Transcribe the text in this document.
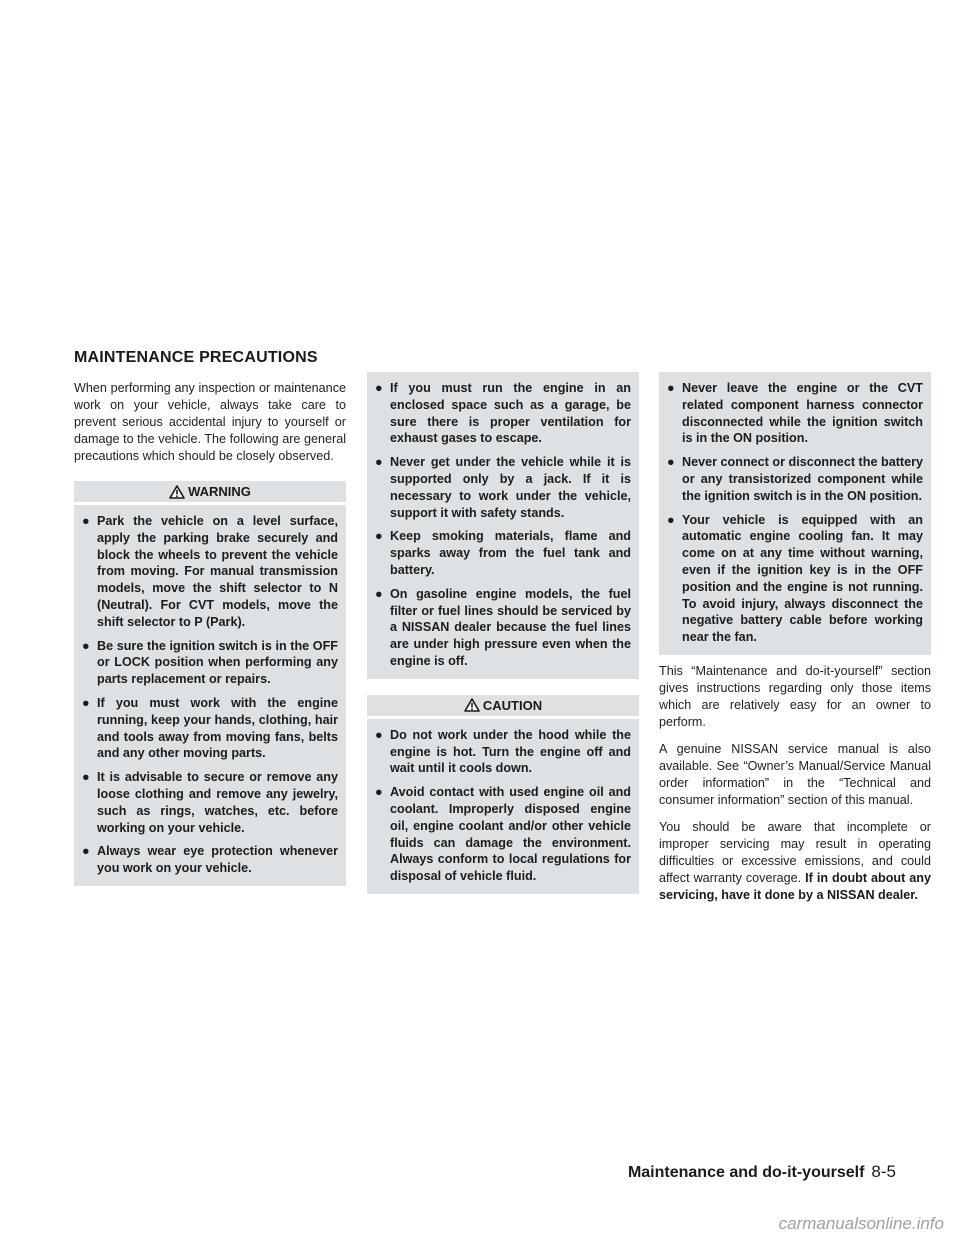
MAINTENANCE PRECAUTIONS

When performing any inspection or maintenance work on your vehicle, always take care to prevent serious accidental injury to yourself or damage to the vehicle. The following are general precautions which should be closely observed.

WARNING
● Park the vehicle on a level surface, apply the parking brake securely and block the wheels to prevent the vehicle from moving. For manual transmission models, move the shift selector to N (Neutral). For CVT models, move the shift selector to P (Park).
● Be sure the ignition switch is in the OFF or LOCK position when performing any parts replacement or repairs.
● If you must work with the engine running, keep your hands, clothing, hair and tools away from moving fans, belts and any other moving parts.
● It is advisable to secure or remove any loose clothing and remove any jewelry, such as rings, watches, etc. before working on your vehicle.
● Always wear eye protection whenever you work on your vehicle.
● If you must run the engine in an enclosed space such as a garage, be sure there is proper ventilation for exhaust gases to escape.
● Never get under the vehicle while it is supported only by a jack. If it is necessary to work under the vehicle, support it with safety stands.
● Keep smoking materials, flame and sparks away from the fuel tank and battery.
● On gasoline engine models, the fuel filter or fuel lines should be serviced by a NISSAN dealer because the fuel lines are under high pressure even when the engine is off.
CAUTION
● Do not work under the hood while the engine is hot. Turn the engine off and wait until it cools down.
● Avoid contact with used engine oil and coolant. Improperly disposed engine oil, engine coolant and/or other vehicle fluids can damage the environment. Always conform to local regulations for disposal of vehicle fluid.
● Never leave the engine or the CVT related component harness connector disconnected while the ignition switch is in the ON position.
● Never connect or disconnect the battery or any transistorized component while the ignition switch is in the ON position.
● Your vehicle is equipped with an automatic engine cooling fan. It may come on at any time without warning, even if the ignition key is in the OFF position and the engine is not running. To avoid injury, always disconnect the negative battery cable before working near the fan.

This “Maintenance and do-it-yourself” section gives instructions regarding only those items which are relatively easy for an owner to perform.

A genuine NISSAN service manual is also available. See “Owner’s Manual/Service Manual order information” in the “Technical and consumer information” section of this manual.

You should be aware that incomplete or improper servicing may result in operating difficulties or excessive emissions, and could affect warranty coverage. If in doubt about any servicing, have it done by a NISSAN dealer.

Maintenance and do-it-yourself 8-5
carmanualsonline.info
